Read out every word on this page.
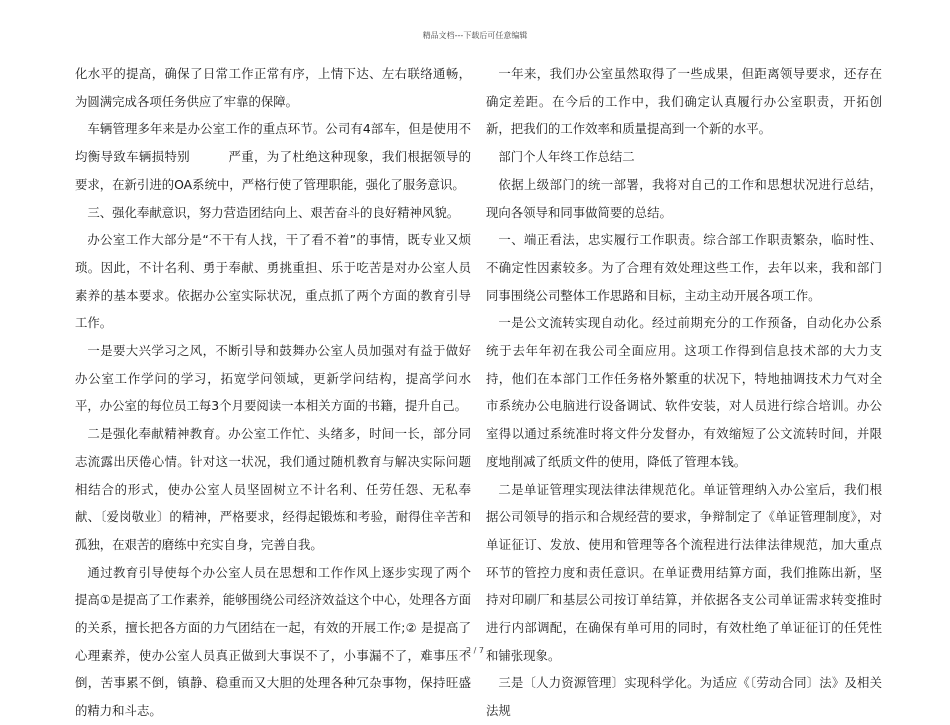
精品文档---下载后可任意编辑

化水平的提高，确保了日常工作正常有序，上情下达、左右联络通畅，为圆满完成各项任务供应了牢靠的保障。

车辆管理多年来是办公室工作的重点环节。公司有4部车，但是使用不均衡导致车辆损特别　　　严重，为了杜绝这种现象，我们根据领导的要求，在新引进的OA系统中，严格行使了管理职能，强化了服务意识。

三、强化奉献意识，努力营造团结向上、艰苦奋斗的良好精神风貌。

办公室工作大部分是“不干有人找，干了看不着”的事情，既专业又烦琐。因此，不计名利、勇于奉献、勇挑重担、乐于吃苦是对办公室人员素养的基本要求。依据办公室实际状况，重点抓了两个方面的教育引导工作。

一是要大兴学习之风，不断引导和鼓舞办公室人员加强对有益于做好办公室工作学问的学习，拓宽学问领域，更新学问结构，提高学问水平，办公室的每位员工每3个月要阅读一本相关方面的书籍，提升自己。

二是强化奉献精神教育。办公室工作忙、头绪多，时间一长，部分同志流露出厌倦心情。针对这一状况，我们通过随机教育与解决实际问题相结合的形式，使办公室人员坚固树立不计名利、任劳任怨、无私奉献、〔爱岗敬业〕的精神，严格要求，经得起锻炼和考验，耐得住辛苦和孤独，在艰苦的磨练中充实自身，完善自我。

通过教育引导使每个办公室人员在思想和工作作风上逐步实现了两个提高①是提高了工作素养，能够围绕公司经济效益这个中心，处理各方面的关系，擅长把各方面的力气团结在一起，有效的开展工作;② 是提高了心理素养，使办公室人员真正做到大事误不了，小事漏不了，难事压不倒，苦事累不倒，镇静、稳重而又大胆的处理各种冗杂事物，保持旺盛的精力和斗志。

一年来，我们办公室虽然取得了一些成果，但距离领导要求，还存在确定差距。在今后的工作中，我们确定认真履行办公室职责，开拓创新，把我们的工作效率和质量提高到一个新的水平。

部门个人年终工作总结二

依据上级部门的统一部署，我将对自己的工作和思想状况进行总结，现向各领导和同事做简要的总结。

一、端正看法，忠实履行工作职责。综合部工作职责繁杂，临时性、不确定性因素较多。为了合理有效处理这些工作，去年以来，我和部门同事围绕公司整体工作思路和目标，主动主动开展各项工作。

一是公文流转实现自动化。经过前期充分的工作预备，自动化办公系统于去年年初在我公司全面应用。这项工作得到信息技术部的大力支持，他们在本部门工作任务格外繁重的状况下，特地抽调技术力气对全市系统办公电脑进行设备调试、软件安装，对人员进行综合培训。办公室得以通过系统准时将文件分发督办，有效缩短了公文流转时间，并限度地削减了纸质文件的使用，降低了管理本钱。

二是单证管理实现法律法律规范化。单证管理纳入办公室后，我们根据公司领导的指示和合规经营的要求，争辩制定了《单证管理制度》，对单证征订、发放、使用和管理等各个流程进行法律法律规范，加大重点环节的管控力度和责任意识。在单证费用结算方面，我们推陈出新，坚持对印刷厂和基层公司按订单结算，并依据各支公司单证需求转变推时进行内部调配，在确保有单可用的同时，有效杜绝了单证征订的任凭性和铺张现象。

三是〔人力资源管理〕实现科学化。为适应《〔劳动合同〕法》及相关法规

2 / 7
